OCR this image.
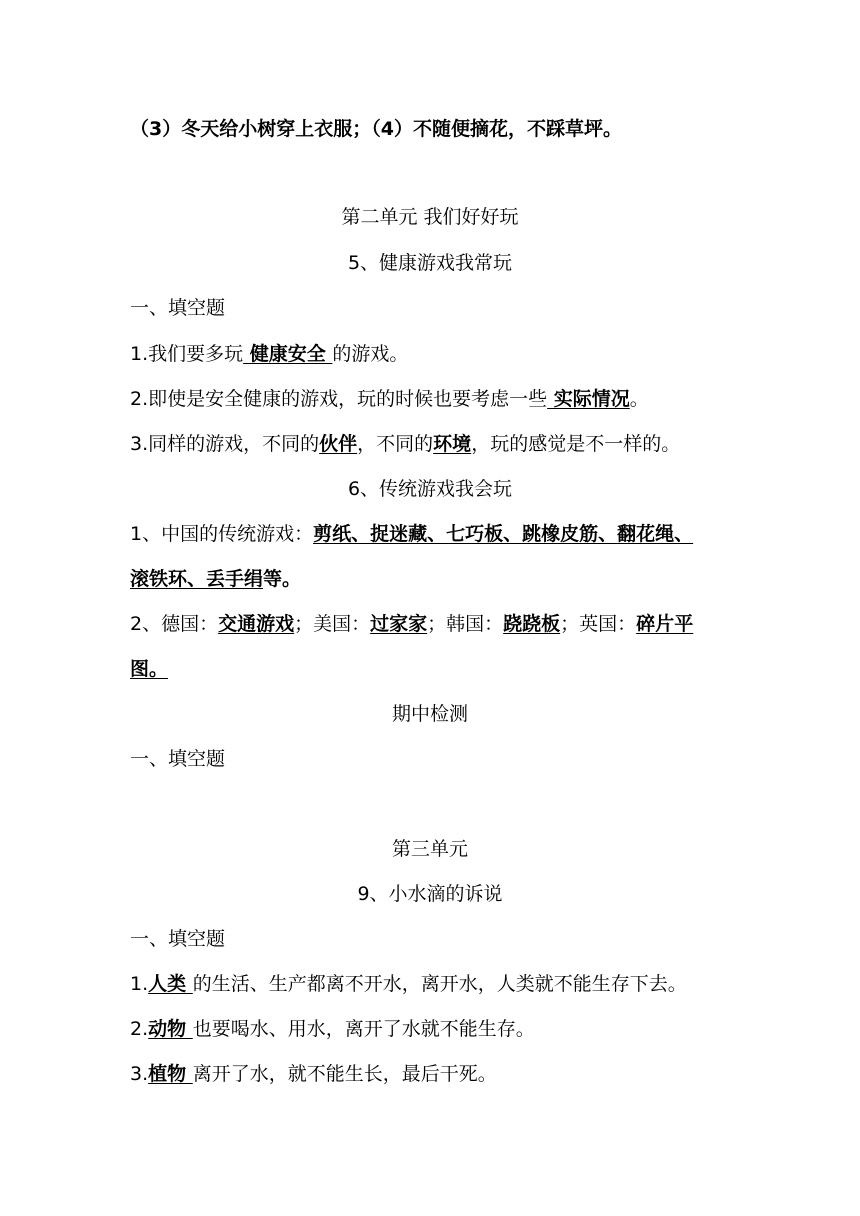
（3）冬天给小树穿上衣服；（4）不随便摘花，不踩草坪。
第二单元 我们好好玩
5、健康游戏我常玩
一、填空题
1.我们要多玩 健康安全 的游戏。
2.即使是安全健康的游戏，玩的时候也要考虑一些 实际情况。
3.同样的游戏，不同的伙伴，不同的环境，玩的感觉是不一样的。
6、传统游戏我会玩
1、中国的传统游戏：剪纸、捉迷藏、七巧板、跳橡皮筋、翻花绳、
滚铁环、丢手绢等。
2、德国：交通游戏；美国：过家家；韩国：跷跷板；英国：碎片平
图。
期中检测
一、填空题
第三单元
9、小水滴的诉说
一、填空题
1.人类 的生活、生产都离不开水，离开水，人类就不能生存下去。
2.动物 也要喝水、用水，离开了水就不能生存。
3.植物 离开了水，就不能生长，最后干死。
